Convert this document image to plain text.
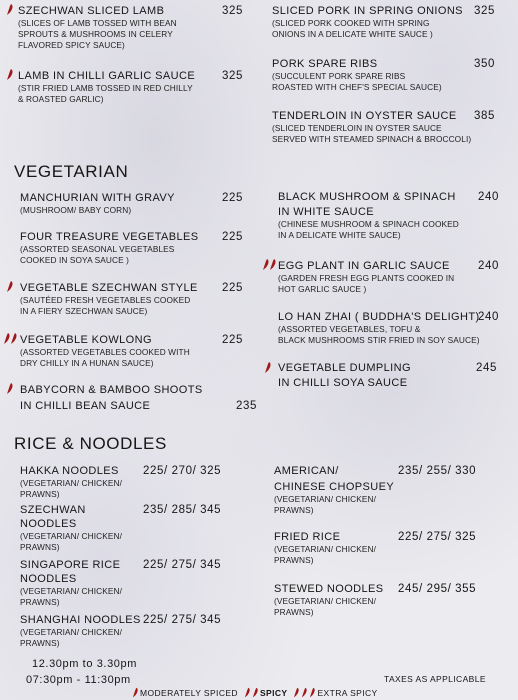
SZECHWAN SLICED LAMB
(SLICES OF LAMB TOSSED WITH BEAN
SPROUTS & MUSHROOMS IN CELERY
FLAVORED SPICY SAUCE)
325
LAMB IN CHILLI GARLIC SAUCE
(STIR FRIED LAMB TOSSED IN RED CHILLY
& ROASTED GARLIC)
325
SLICED PORK IN SPRING ONIONS
(SLICED PORK COOKED WITH SPRING
ONIONS IN A DELICATE WHITE SAUCE )
325
PORK SPARE RIBS
(SUCCULENT PORK SPARE RIBS
ROASTED WITH CHEF'S SPECIAL SAUCE)
350
TENDERLOIN IN OYSTER SAUCE
(SLICED TENDERLOIN IN OYSTER SAUCE
SERVED WITH STEAMED SPINACH & BROCCOLI)
385
VEGETARIAN
MANCHURIAN WITH GRAVY
(MUSHROOM/ BABY CORN)
225
FOUR TREASURE VEGETABLES
(ASSORTED SEASONAL VEGETABLES
COOKED IN SOYA SAUCE )
225
VEGETABLE SZECHWAN STYLE
(SAUTÉED FRESH VEGETABLES COOKED
IN A FIERY SZECHWAN SAUCE)
225
VEGETABLE KOWLONG
(ASSORTED VEGETABLES COOKED WITH
DRY CHILLY IN A HUNAN SAUCE)
225
BABYCORN & BAMBOO SHOOTS
IN CHILLI BEAN SAUCE	235
BLACK MUSHROOM & SPINACH
IN WHITE SAUCE
(CHINESE MUSHROOM & SPINACH COOKED
IN A DELICATE WHITE SAUCE)
240
EGG PLANT IN GARLIC SAUCE
(GARDEN FRESH EGG PLANTS COOKED IN
HOT GARLIC SAUCE )
240
LO HAN ZHAI ( BUDDHA'S DELIGHT)
(ASSORTED VEGETABLES, TOFU &
BLACK MUSHROOMS STIR FRIED IN SOY SAUCE)
240
VEGETABLE DUMPLING
IN CHILLI SOYA SAUCE
245
RICE & NOODLES
HAKKA NOODLES
(VEGETARIAN/ CHICKEN/ PRAWNS)
225/ 270/ 325
SZECHWAN
NOODLES
(VEGETARIAN/ CHICKEN/ PRAWNS)
235/ 285/ 345
SINGAPORE RICE
NOODLES
(VEGETARIAN/ CHICKEN/ PRAWNS)
225/ 275/ 345
SHANGHAI NOODLES
(VEGETARIAN/ CHICKEN/ PRAWNS)
225/ 275/ 345
AMERICAN/
CHINESE CHOPSUEY
(VEGETARIAN/ CHICKEN/
PRAWNS)
235/ 255/ 330
FRIED RICE
(VEGETARIAN/ CHICKEN/
PRAWNS)
225/ 275/ 325
STEWED NOODLES
(VEGETARIAN/ CHICKEN/
PRAWNS)
245/ 295/ 355
12.30pm to 3.30pm
07:30pm - 11:30pm	TAXES AS APPLICABLE
MODERATELY SPICED	SPICY	EXTRA SPICY
